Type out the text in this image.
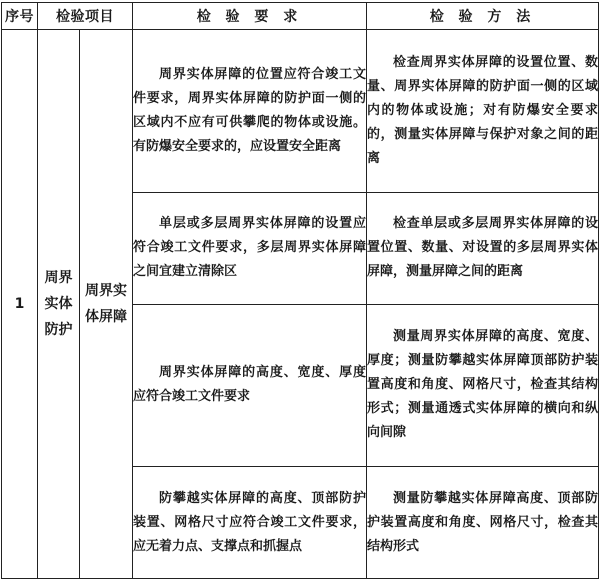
序号	检验项目		检 验 要 求	检 验 方 法
1	周界实体防护	周界实体屏障	周界实体屏障的位置应符合竣工文件要求，周界实体屏障的防护面一侧的区域内不应有可供攀爬的物体或设施。有防爆安全要求的，应设置安全距离	检查周界实体屏障的设置位置、数量、周界实体屏障的防护面一侧的区域内的物体或设施；对有防爆安全要求的，测量实体屏障与保护对象之间的距离

			单层或多层周界实体屏障的设置应符合竣工文件要求，多层周界实体屏障之间宜建立清除区	检查单层或多层周界实体屏障的设置位置、数量、对设置的多层周界实体屏障，测量屏障之间的距离

			周界实体屏障的高度、宽度、厚度应符合竣工文件要求	测量周界实体屏障的高度、宽度、厚度；测量防攀越实体屏障顶部防护装置高度和角度、网格尺寸，检查其结构形式；测量通透式实体屏障的横向和纵向间隙

			防攀越实体屏障的高度、顶部防护装置、网格尺寸应符合竣工文件要求，应无着力点、支撑点和抓握点	测量防攀越实体屏障高度、顶部防护装置高度和角度、网格尺寸，检查其结构形式
